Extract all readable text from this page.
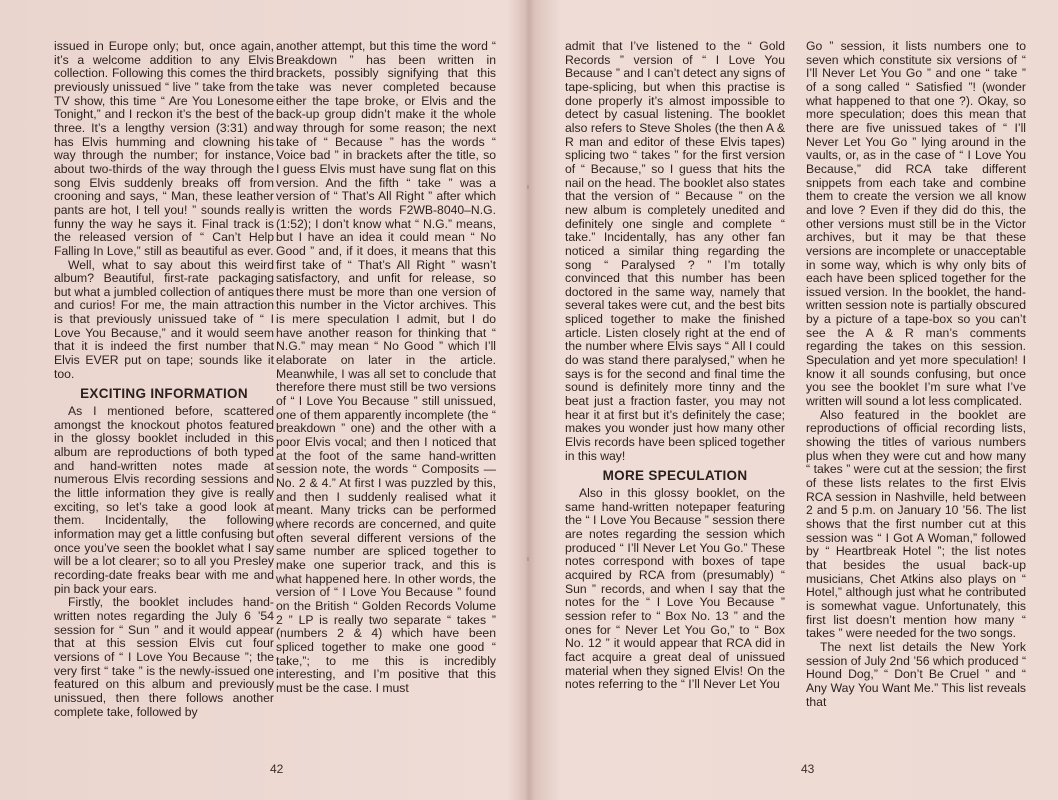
issued in Europe only; but, once again, it’s a welcome addition to any Elvis collection. Following this comes the third previously unissued “ live ” take from the TV show, this time “ Are You Lonesome Tonight,” and I reckon it’s the best of the three. It’s a lengthy version (3:31) and has Elvis humming and clowning his way through the number; for instance, about two-thirds of the way through the song Elvis suddenly breaks off from crooning and says, “ Man, these leather pants are hot, I tell you! ” sounds really funny the way he says it. Final track is the released version of “ Can’t Help Falling In Love,” still as beautiful as ever.

Well, what to say about this weird album? Beautiful, first-rate packaging but what a jumbled collection of antiques and curios! For me, the main attraction is that previously unissued take of “ I Love You Because,” and it would seem that it is indeed the first number that Elvis EVER put on tape; sounds like it too.

EXCITING INFORMATION

As I mentioned before, scattered amongst the knockout photos featured in the glossy booklet included in this album are reproductions of both typed and hand-written notes made at numerous Elvis recording sessions and the little information they give is really exciting, so let’s take a good look at them. Incidentally, the following information may get a little confusing but once you’ve seen the booklet what I say will be a lot clearer; so to all you Presley recording-date freaks bear with me and pin back your ears.

Firstly, the booklet includes hand-written notes regarding the July 6 ’54 session for “ Sun ” and it would appear that at this session Elvis cut four versions of “ I Love You Because ”; the very first “ take ” is the newly-issued one featured on this album and previously unissued, then there follows another complete take, followed by

another attempt, but this time the word “ Breakdown ” has been written in brackets, possibly signifying that this take was never completed because either the tape broke, or Elvis and the back-up group didn’t make it the whole way through for some reason; the next take of “ Because ” has the words “ Voice bad ” in brackets after the title, so I guess Elvis must have sung flat on this version. And the fifth “ take ” was a version of “ That’s All Right ” after which is written the words F2WB-8040–N.G. (1:52); I don’t know what “ N.G.” means, but I have an idea it could mean “ No Good ” and, if it does, it means that this first take of “ That’s All Right ” wasn’t satisfactory, and unfit for release, so there must be more than one version of this number in the Victor archives. This is mere speculation I admit, but I do have another reason for thinking that “ N.G.” may mean “ No Good ” which I’ll elaborate on later in the article. Meanwhile, I was all set to conclude that therefore there must still be two versions of “ I Love You Because ” still unissued, one of them apparently incomplete (the “ breakdown ” one) and the other with a poor Elvis vocal; and then I noticed that at the foot of the same hand-written session note, the words “ Composits — No. 2 & 4.” At first I was puzzled by this, and then I suddenly realised what it meant. Many tricks can be performed where records are concerned, and quite often several different versions of the same number are spliced together to make one superior track, and this is what happened here. In other words, the version of “ I Love You Because ” found on the British “ Golden Records Volume 2 ” LP is really two separate “ takes ” (numbers 2 & 4) which have been spliced together to make one good “ take,”; to me this is incredibly interesting, and I’m positive that this must be the case. I must

42

admit that I’ve listened to the “ Gold Records ” version of “ I Love You Because ” and I can’t detect any signs of tape-splicing, but when this practise is done properly it’s almost impossible to detect by casual listening. The booklet also refers to Steve Sholes (the then A & R man and editor of these Elvis tapes) splicing two “ takes ” for the first version of “ Because,” so I guess that hits the nail on the head. The booklet also states that the version of “ Because ” on the new album is completely unedited and definitely one single and complete “ take.” Incidentally, has any other fan noticed a similar thing regarding the song “ Paralysed ? ” I’m totally convinced that this number has been doctored in the same way, namely that several takes were cut, and the best bits spliced together to make the finished article. Listen closely right at the end of the number where Elvis says “ All I could do was stand there paralysed,” when he says is for the second and final time the sound is definitely more tinny and the beat just a fraction faster, you may not hear it at first but it’s definitely the case; makes you wonder just how many other Elvis records have been spliced together in this way!

MORE SPECULATION

Also in this glossy booklet, on the same hand-written notepaper featuring the “ I Love You Because ” session there are notes regarding the session which produced “ I’ll Never Let You Go.” These notes correspond with boxes of tape acquired by RCA from (presumably) “ Sun ” records, and when I say that the notes for the “ I Love You Because ” session refer to “ Box No. 13 ” and the ones for “ Never Let You Go,” to “ Box No. 12 ” it would appear that RCA did in fact acquire a great deal of unissued material when they signed Elvis! On the notes referring to the “ I’ll Never Let You

Go ” session, it lists numbers one to seven which constitute six versions of “ I’ll Never Let You Go ” and one “ take ” of a song called “ Satisfied ”! (wonder what happened to that one ?). Okay, so more speculation; does this mean that there are five unissued takes of “ I’ll Never Let You Go ” lying around in the vaults, or, as in the case of “ I Love You Because,” did RCA take different snippets from each take and combine them to create the version we all know and love ? Even if they did do this, the other versions must still be in the Victor archives, but it may be that these versions are incomplete or unacceptable in some way, which is why only bits of each have been spliced together for the issued version. In the booklet, the hand-written session note is partially obscured by a picture of a tape-box so you can’t see the A & R man’s comments regarding the takes on this session. Speculation and yet more speculation! I know it all sounds confusing, but once you see the booklet I’m sure what I’ve written will sound a lot less complicated.

Also featured in the booklet are reproductions of official recording lists, showing the titles of various numbers plus when they were cut and how many “ takes ” were cut at the session; the first of these lists relates to the first Elvis RCA session in Nashville, held between 2 and 5 p.m. on January 10 ’56. The list shows that the first number cut at this session was “ I Got A Woman,” followed by “ Heartbreak Hotel ”; the list notes that besides the usual back-up musicians, Chet Atkins also plays on “ Hotel,” although just what he contributed is somewhat vague. Unfortunately, this first list doesn’t mention how many “ takes ” were needed for the two songs.

The next list details the New York session of July 2nd ’56 which produced “ Hound Dog,” “ Don’t Be Cruel ” and “ Any Way You Want Me.” This list reveals that

43
